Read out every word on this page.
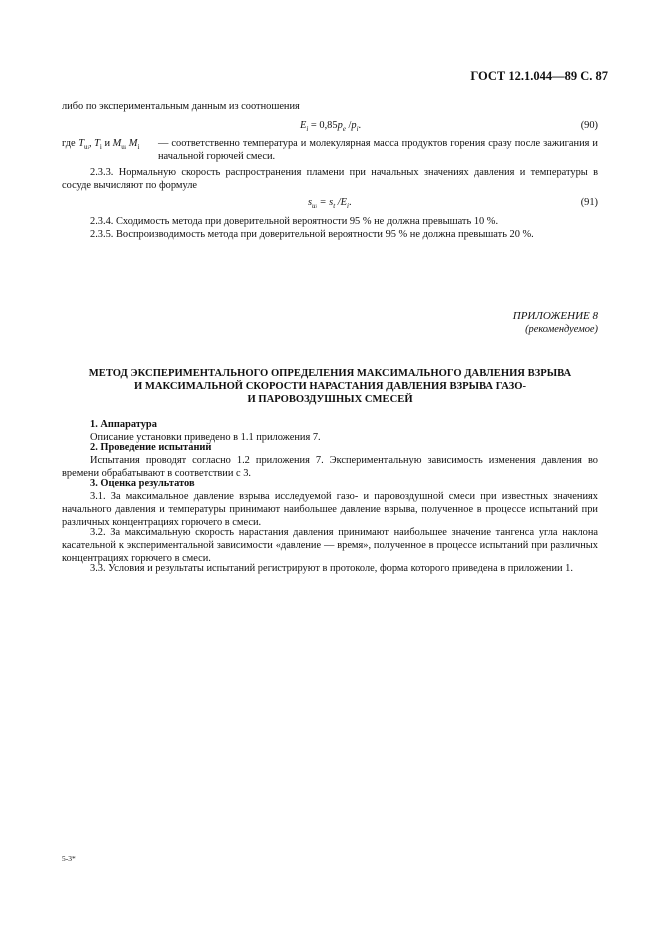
ГОСТ 12.1.044—89 С. 87
либо по экспериментальным данным из соотношения
$E_i = 0,85p_e$ $/p_i$.	(90)
где $T_{ui}$, $T_i$ и $M_{ui}$ $M_i$	— соответственно температура и молекулярная масса продуктов горения сразу после зажигания и начальной горючей смеси.
2.3.3. Нормальную скорость распространения пламени при начальных значениях давления и температуры в сосуде вычисляют по формуле
$s_{ui} = s_t$ $/E_i$.	(91)
2.3.4. Сходимость метода при доверительной вероятности 95 % не должна превышать 10 %.
2.3.5. Воспроизводимость метода при доверительной вероятности 95 % не должна превышать 20 %.
ПРИЛОЖЕНИЕ 8
(рекомендуемое)
МЕТОД ЭКСПЕРИМЕНТАЛЬНОГО ОПРЕДЕЛЕНИЯ МАКСИМАЛЬНОГО ДАВЛЕНИЯ ВЗРЫВА
И МАКСИМАЛЬНОЙ СКОРОСТИ НАРАСТАНИЯ ДАВЛЕНИЯ ВЗРЫВА ГАЗО-
И ПАРОВОЗДУШНЫХ СМЕСЕЙ
1. Аппаратура
Описание установки приведено в 1.1 приложения 7.
2. Проведение испытаний
Испытания проводят согласно 1.2 приложения 7. Экспериментальную зависимость изменения давления во времени обрабатывают в соответствии с 3.
3. Оценка результатов
3.1. За максимальное давление взрыва исследуемой газо- и паровоздушной смеси при известных значениях начального давления и температуры принимают наибольшее давление взрыва, полученное в процессе испытаний при различных концентрациях горючего в смеси.
3.2. За максимальную скорость нарастания давления принимают наибольшее значение тангенса угла наклона касательной к экспериментальной зависимости «давление — время», полученное в процессе испытаний при различных концентрациях горючего в смеси.
3.3. Условия и результаты испытаний регистрируют в протоколе, форма которого приведена в приложении 1.
5-3*
